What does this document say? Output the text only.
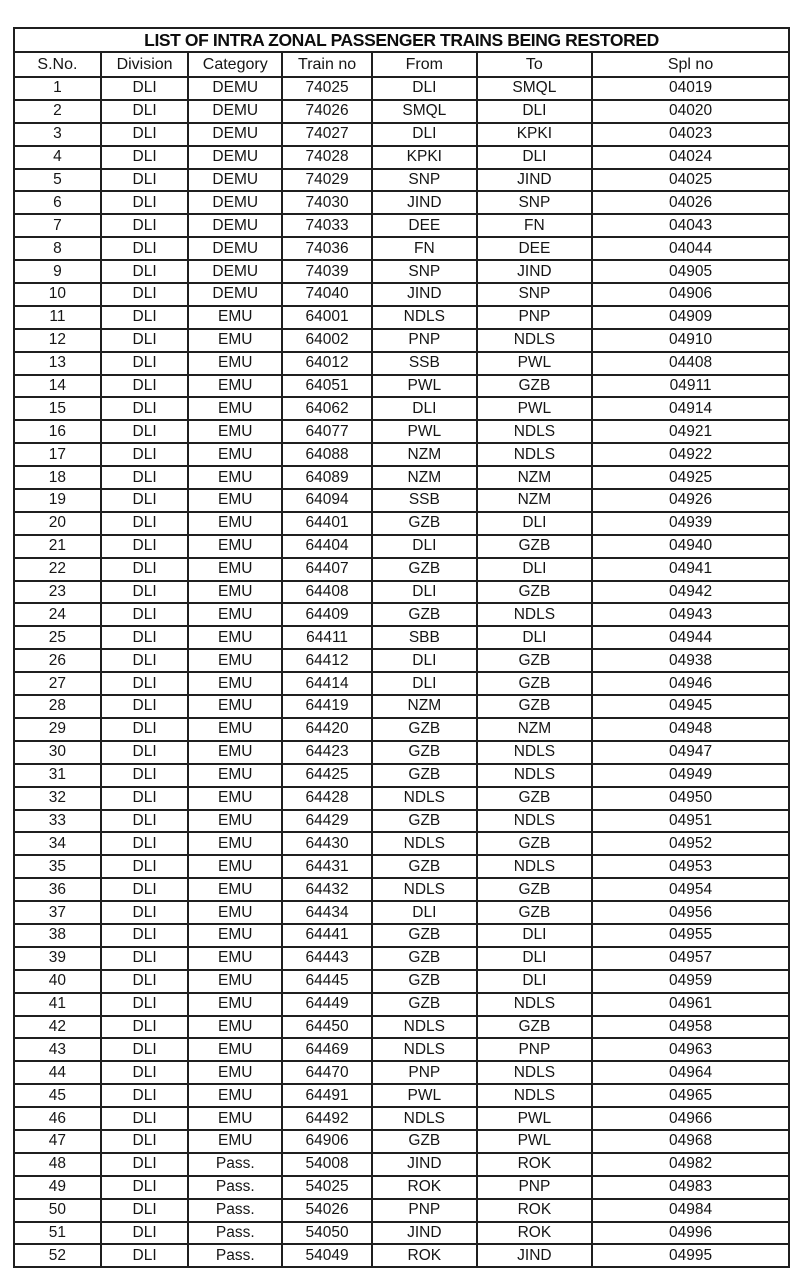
LIST OF INTRA ZONAL PASSENGER TRAINS BEING RESTORED						
S.No.	Division	Category	Train no	From	To	Spl no
1	DLI	DEMU	74025	DLI	SMQL	04019
2	DLI	DEMU	74026	SMQL	DLI	04020
3	DLI	DEMU	74027	DLI	KPKI	04023
4	DLI	DEMU	74028	KPKI	DLI	04024
5	DLI	DEMU	74029	SNP	JIND	04025
6	DLI	DEMU	74030	JIND	SNP	04026
7	DLI	DEMU	74033	DEE	FN	04043
8	DLI	DEMU	74036	FN	DEE	04044
9	DLI	DEMU	74039	SNP	JIND	04905
10	DLI	DEMU	74040	JIND	SNP	04906
11	DLI	EMU	64001	NDLS	PNP	04909
12	DLI	EMU	64002	PNP	NDLS	04910
13	DLI	EMU	64012	SSB	PWL	04408
14	DLI	EMU	64051	PWL	GZB	04911
15	DLI	EMU	64062	DLI	PWL	04914
16	DLI	EMU	64077	PWL	NDLS	04921
17	DLI	EMU	64088	NZM	NDLS	04922
18	DLI	EMU	64089	NZM	NZM	04925
19	DLI	EMU	64094	SSB	NZM	04926
20	DLI	EMU	64401	GZB	DLI	04939
21	DLI	EMU	64404	DLI	GZB	04940
22	DLI	EMU	64407	GZB	DLI	04941
23	DLI	EMU	64408	DLI	GZB	04942
24	DLI	EMU	64409	GZB	NDLS	04943
25	DLI	EMU	64411	SBB	DLI	04944
26	DLI	EMU	64412	DLI	GZB	04938
27	DLI	EMU	64414	DLI	GZB	04946
28	DLI	EMU	64419	NZM	GZB	04945
29	DLI	EMU	64420	GZB	NZM	04948
30	DLI	EMU	64423	GZB	NDLS	04947
31	DLI	EMU	64425	GZB	NDLS	04949
32	DLI	EMU	64428	NDLS	GZB	04950
33	DLI	EMU	64429	GZB	NDLS	04951
34	DLI	EMU	64430	NDLS	GZB	04952
35	DLI	EMU	64431	GZB	NDLS	04953
36	DLI	EMU	64432	NDLS	GZB	04954
37	DLI	EMU	64434	DLI	GZB	04956
38	DLI	EMU	64441	GZB	DLI	04955
39	DLI	EMU	64443	GZB	DLI	04957
40	DLI	EMU	64445	GZB	DLI	04959
41	DLI	EMU	64449	GZB	NDLS	04961
42	DLI	EMU	64450	NDLS	GZB	04958
43	DLI	EMU	64469	NDLS	PNP	04963
44	DLI	EMU	64470	PNP	NDLS	04964
45	DLI	EMU	64491	PWL	NDLS	04965
46	DLI	EMU	64492	NDLS	PWL	04966
47	DLI	EMU	64906	GZB	PWL	04968
48	DLI	Pass.	54008	JIND	ROK	04982
49	DLI	Pass.	54025	ROK	PNP	04983
50	DLI	Pass.	54026	PNP	ROK	04984
51	DLI	Pass.	54050	JIND	ROK	04996
52	DLI	Pass.	54049	ROK	JIND	04995
